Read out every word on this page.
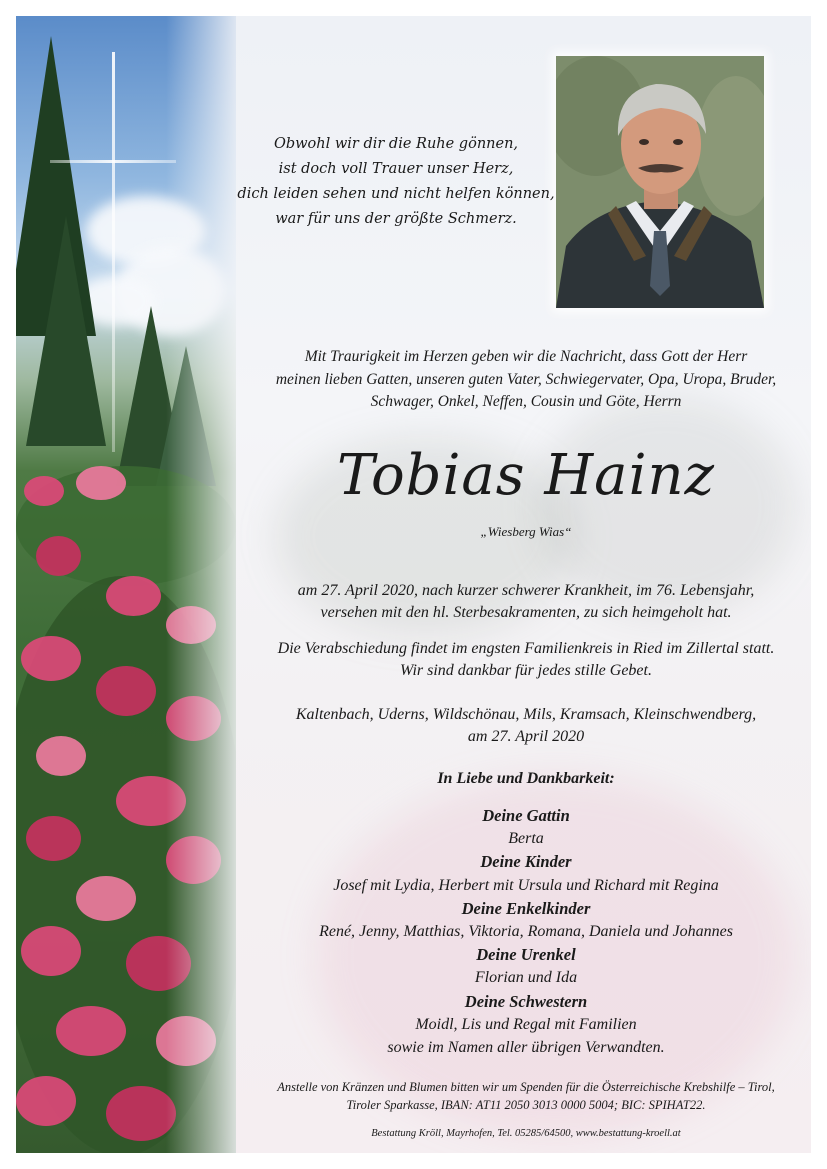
Obwohl wir dir die Ruhe gönnen,
ist doch voll Trauer unser Herz,
dich leiden sehen und nicht helfen können,
war für uns der größte Schmerz.
Mit Traurigkeit im Herzen geben wir die Nachricht, dass Gott der Herr
meinen lieben Gatten, unseren guten Vater, Schwiegervater, Opa, Uropa, Bruder,
Schwager, Onkel, Neffen, Cousin und Göte, Herrn
Tobias Hainz
„Wiesberg Wias“
am 27. April 2020, nach kurzer schwerer Krankheit, im 76. Lebensjahr,
versehen mit den hl. Sterbesakramenten, zu sich heimgeholt hat.
Die Verabschiedung findet im engsten Familienkreis in Ried im Zillertal statt.
Wir sind dankbar für jedes stille Gebet.
Kaltenbach, Uderns, Wildschönau, Mils, Kramsach, Kleinschwendberg,
am 27. April 2020
In Liebe und Dankbarkeit:
Deine Gattin
Berta
Deine Kinder
Josef mit Lydia, Herbert mit Ursula und Richard mit Regina
Deine Enkelkinder
René, Jenny, Matthias, Viktoria, Romana, Daniela und Johannes
Deine Urenkel
Florian und Ida
Deine Schwestern
Moidl, Lis und Regal mit Familien
sowie im Namen aller übrigen Verwandten.
Anstelle von Kränzen und Blumen bitten wir um Spenden für die Österreichische Krebshilfe – Tirol,
Tiroler Sparkasse, IBAN: AT11 2050 3013 0000 5004; BIC: SPIHAT22.
Bestattung Kröll, Mayrhofen, Tel. 05285/64500, www.bestattung-kroell.at
